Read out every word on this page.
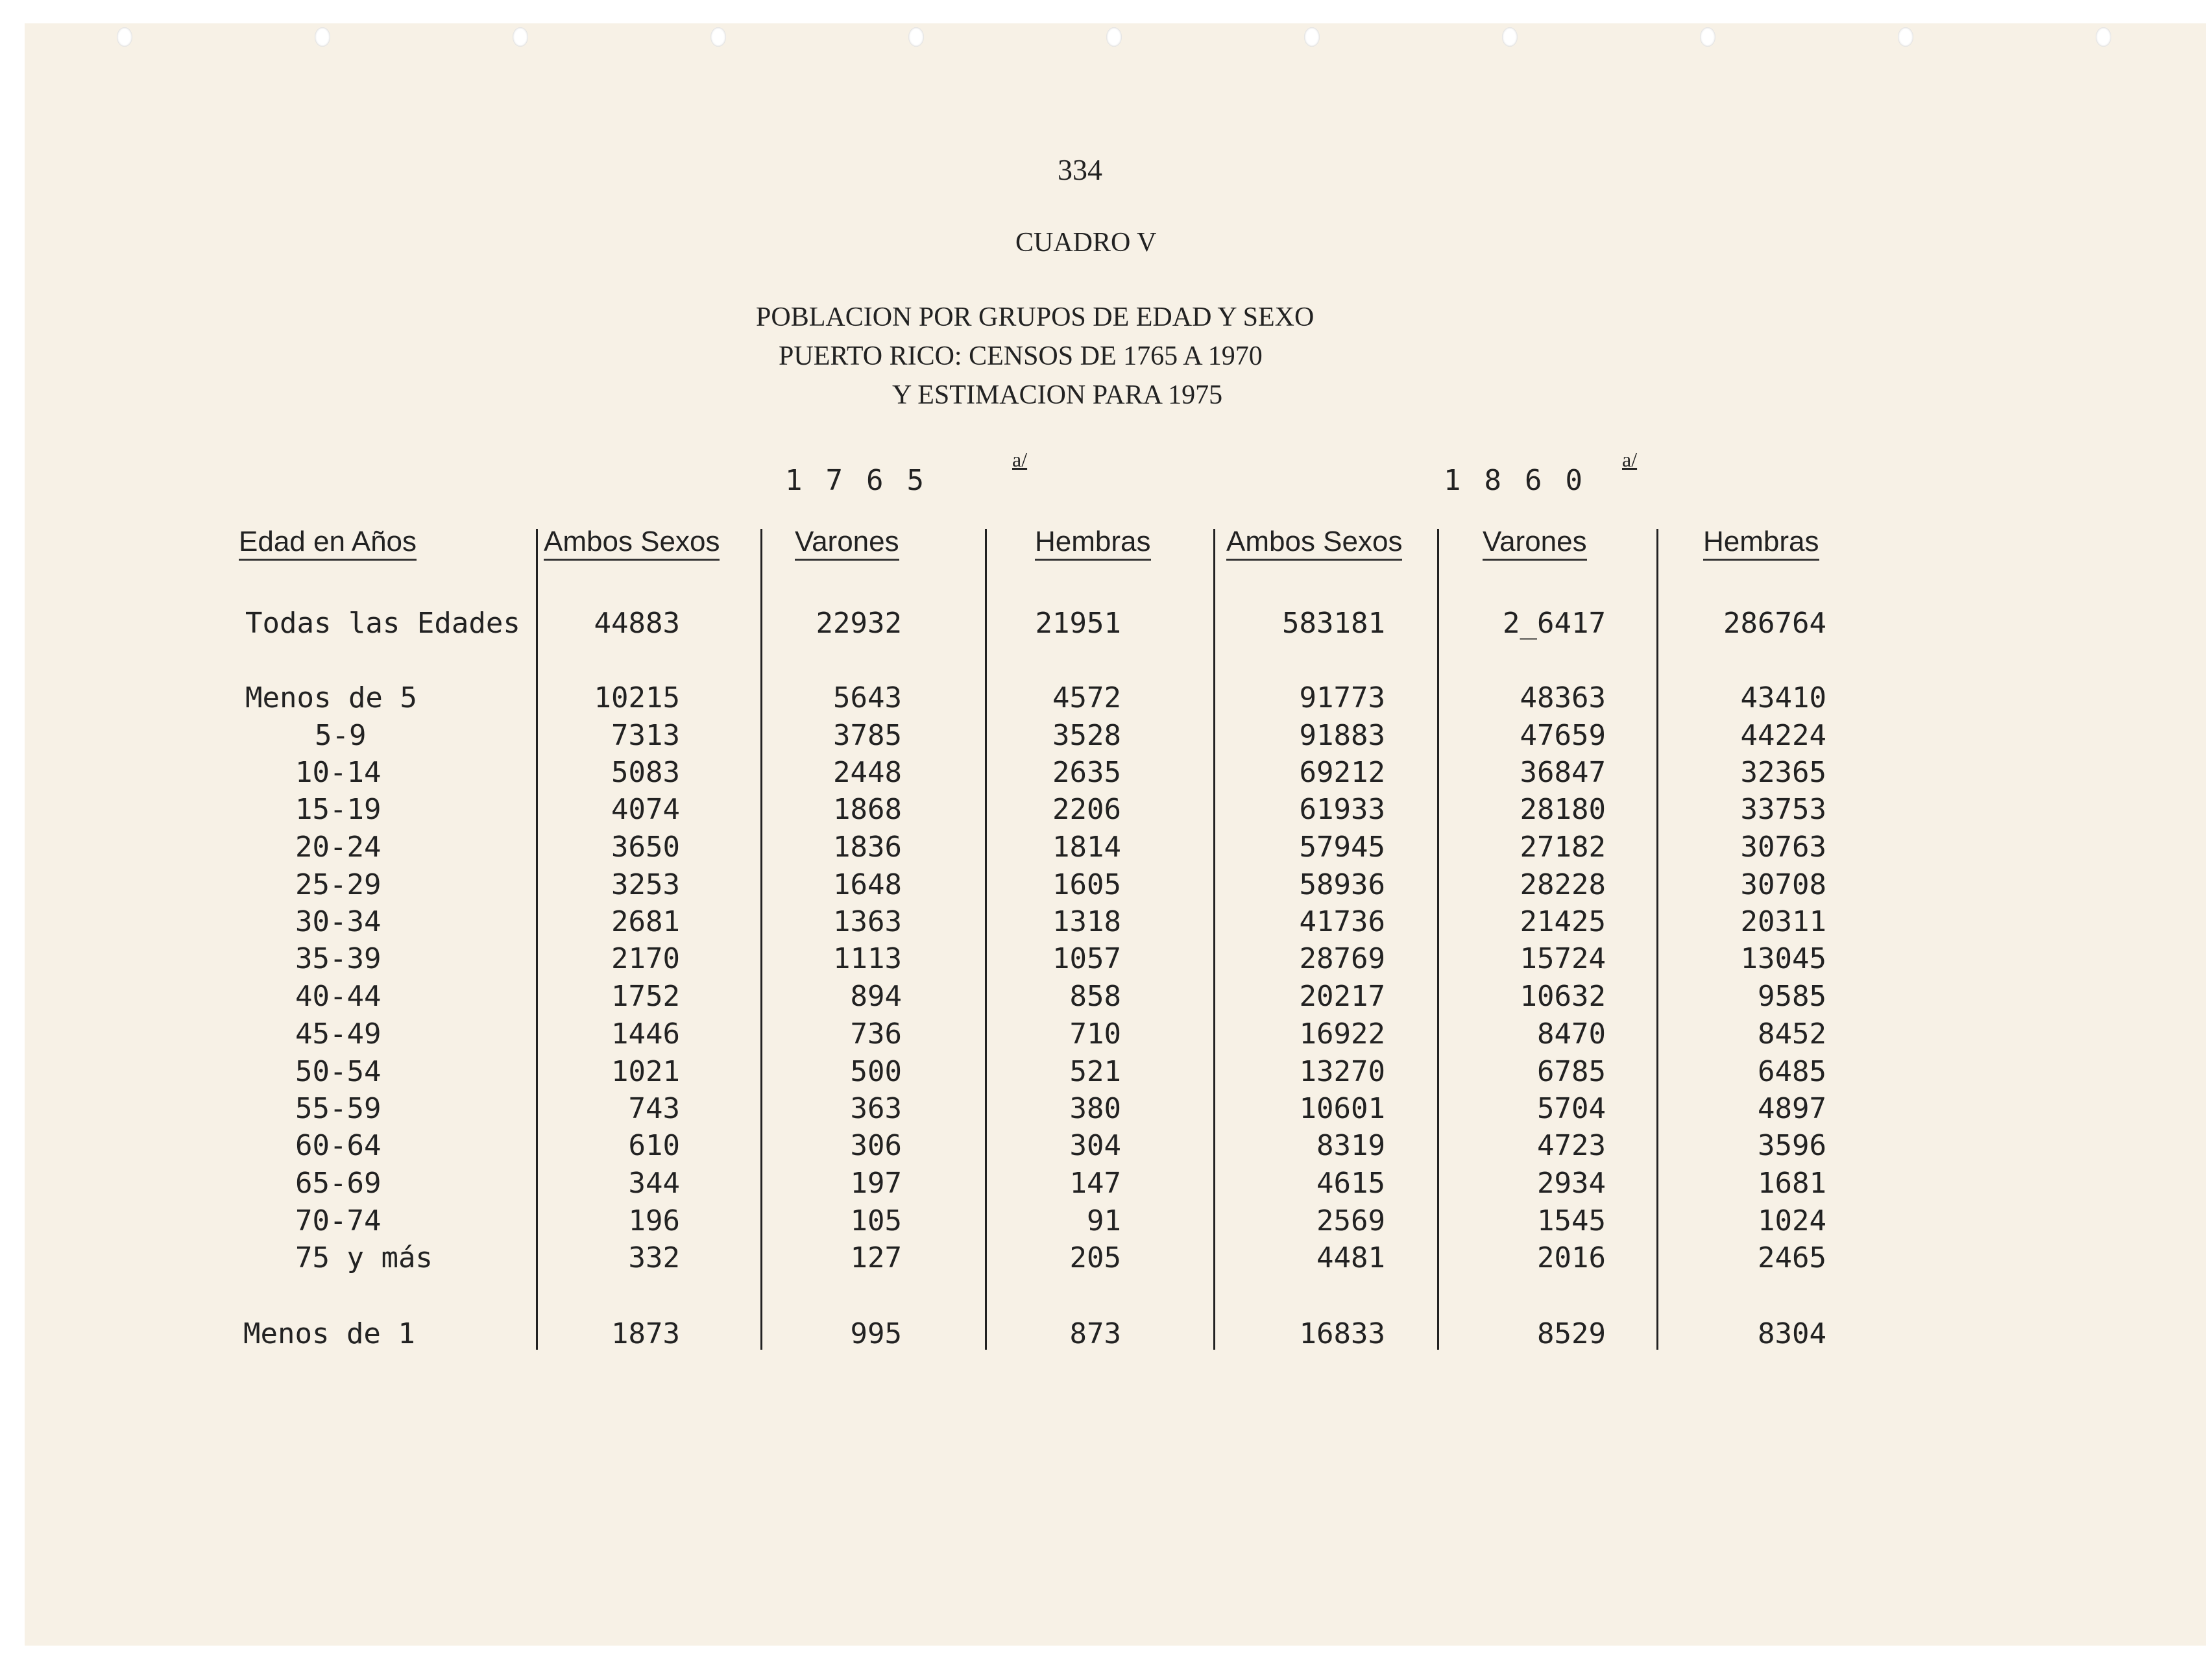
334
CUADRO V
POBLACION POR GRUPOS DE EDAD Y SEXO
PUERTO RICO: CENSOS DE 1765 A 1970
Y ESTIMACION PARA 1975
1765
a/
1860
a/
Edad en Años	Ambos Sexos	Varones	Hembras	Ambos Sexos	Varones	Hembras
Todas las Edades	44883	22932	21951	583181	2_6417	286764
Menos de 5	10215	5643	4572	91773	48363	43410
5-9	7313	3785	3528	91883	47659	44224
10-14	5083	2448	2635	69212	36847	32365
15-19	4074	1868	2206	61933	28180	33753
20-24	3650	1836	1814	57945	27182	30763
25-29	3253	1648	1605	58936	28228	30708
30-34	2681	1363	1318	41736	21425	20311
35-39	2170	1113	1057	28769	15724	13045
40-44	1752	894	858	20217	10632	9585
45-49	1446	736	710	16922	8470	8452
50-54	1021	500	521	13270	6785	6485
55-59	743	363	380	10601	5704	4897
60-64	610	306	304	8319	4723	3596
65-69	344	197	147	4615	2934	1681
70-74	196	105	91	2569	1545	1024
75 y más	332	127	205	4481	2016	2465
Menos de 1	1873	995	873	16833	8529	8304
